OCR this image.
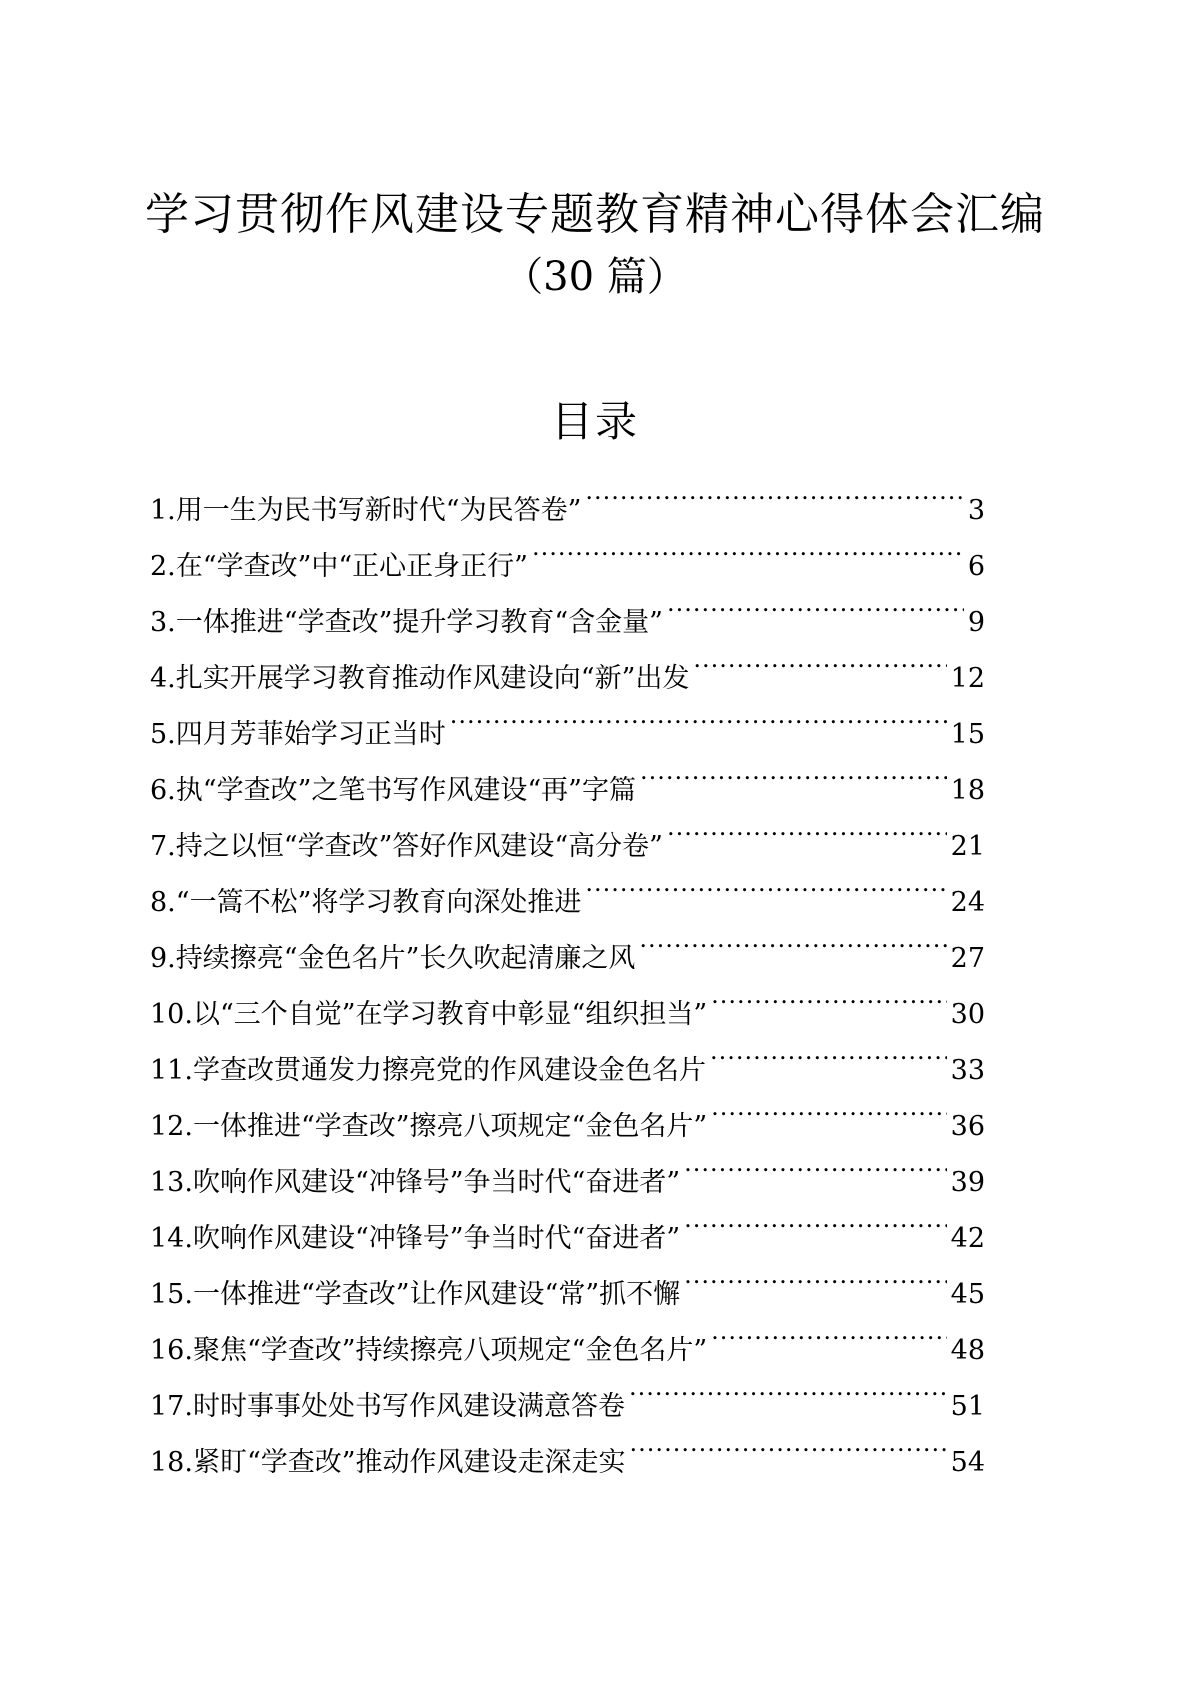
学习贯彻作风建设专题教育精神心得体会汇编
（30 篇）
目录
1.用一生为民书写新时代“为民答卷” .....	3
2.在“学查改”中“正心正身正行” .....	6
3.一体推进“学查改”提升学习教育“含金量” .....	9
4.扎实开展学习教育推动作风建设向“新”出发 .....	12
5.四月芳菲始学习正当时 .....	15
6.执“学查改”之笔书写作风建设“再”字篇 .....	18
7.持之以恒“学查改”答好作风建设“高分卷” .....	21
8.“一篙不松”将学习教育向深处推进 .....	24
9.持续擦亮“金色名片”长久吹起清廉之风 .....	27
10.以“三个自觉”在学习教育中彰显“组织担当” .....	30
11.学查改贯通发力擦亮党的作风建设金色名片 .....	33
12.一体推进“学查改”擦亮八项规定“金色名片” .....	36
13.吹响作风建设“冲锋号”争当时代“奋进者” .....	39
14.吹响作风建设“冲锋号”争当时代“奋进者” .....	42
15.一体推进“学查改”让作风建设“常”抓不懈 .....	45
16.聚焦“学查改”持续擦亮八项规定“金色名片” .....	48
17.时时事事处处书写作风建设满意答卷 .....	51
18.紧盯“学查改”推动作风建设走深走实 .....	54
